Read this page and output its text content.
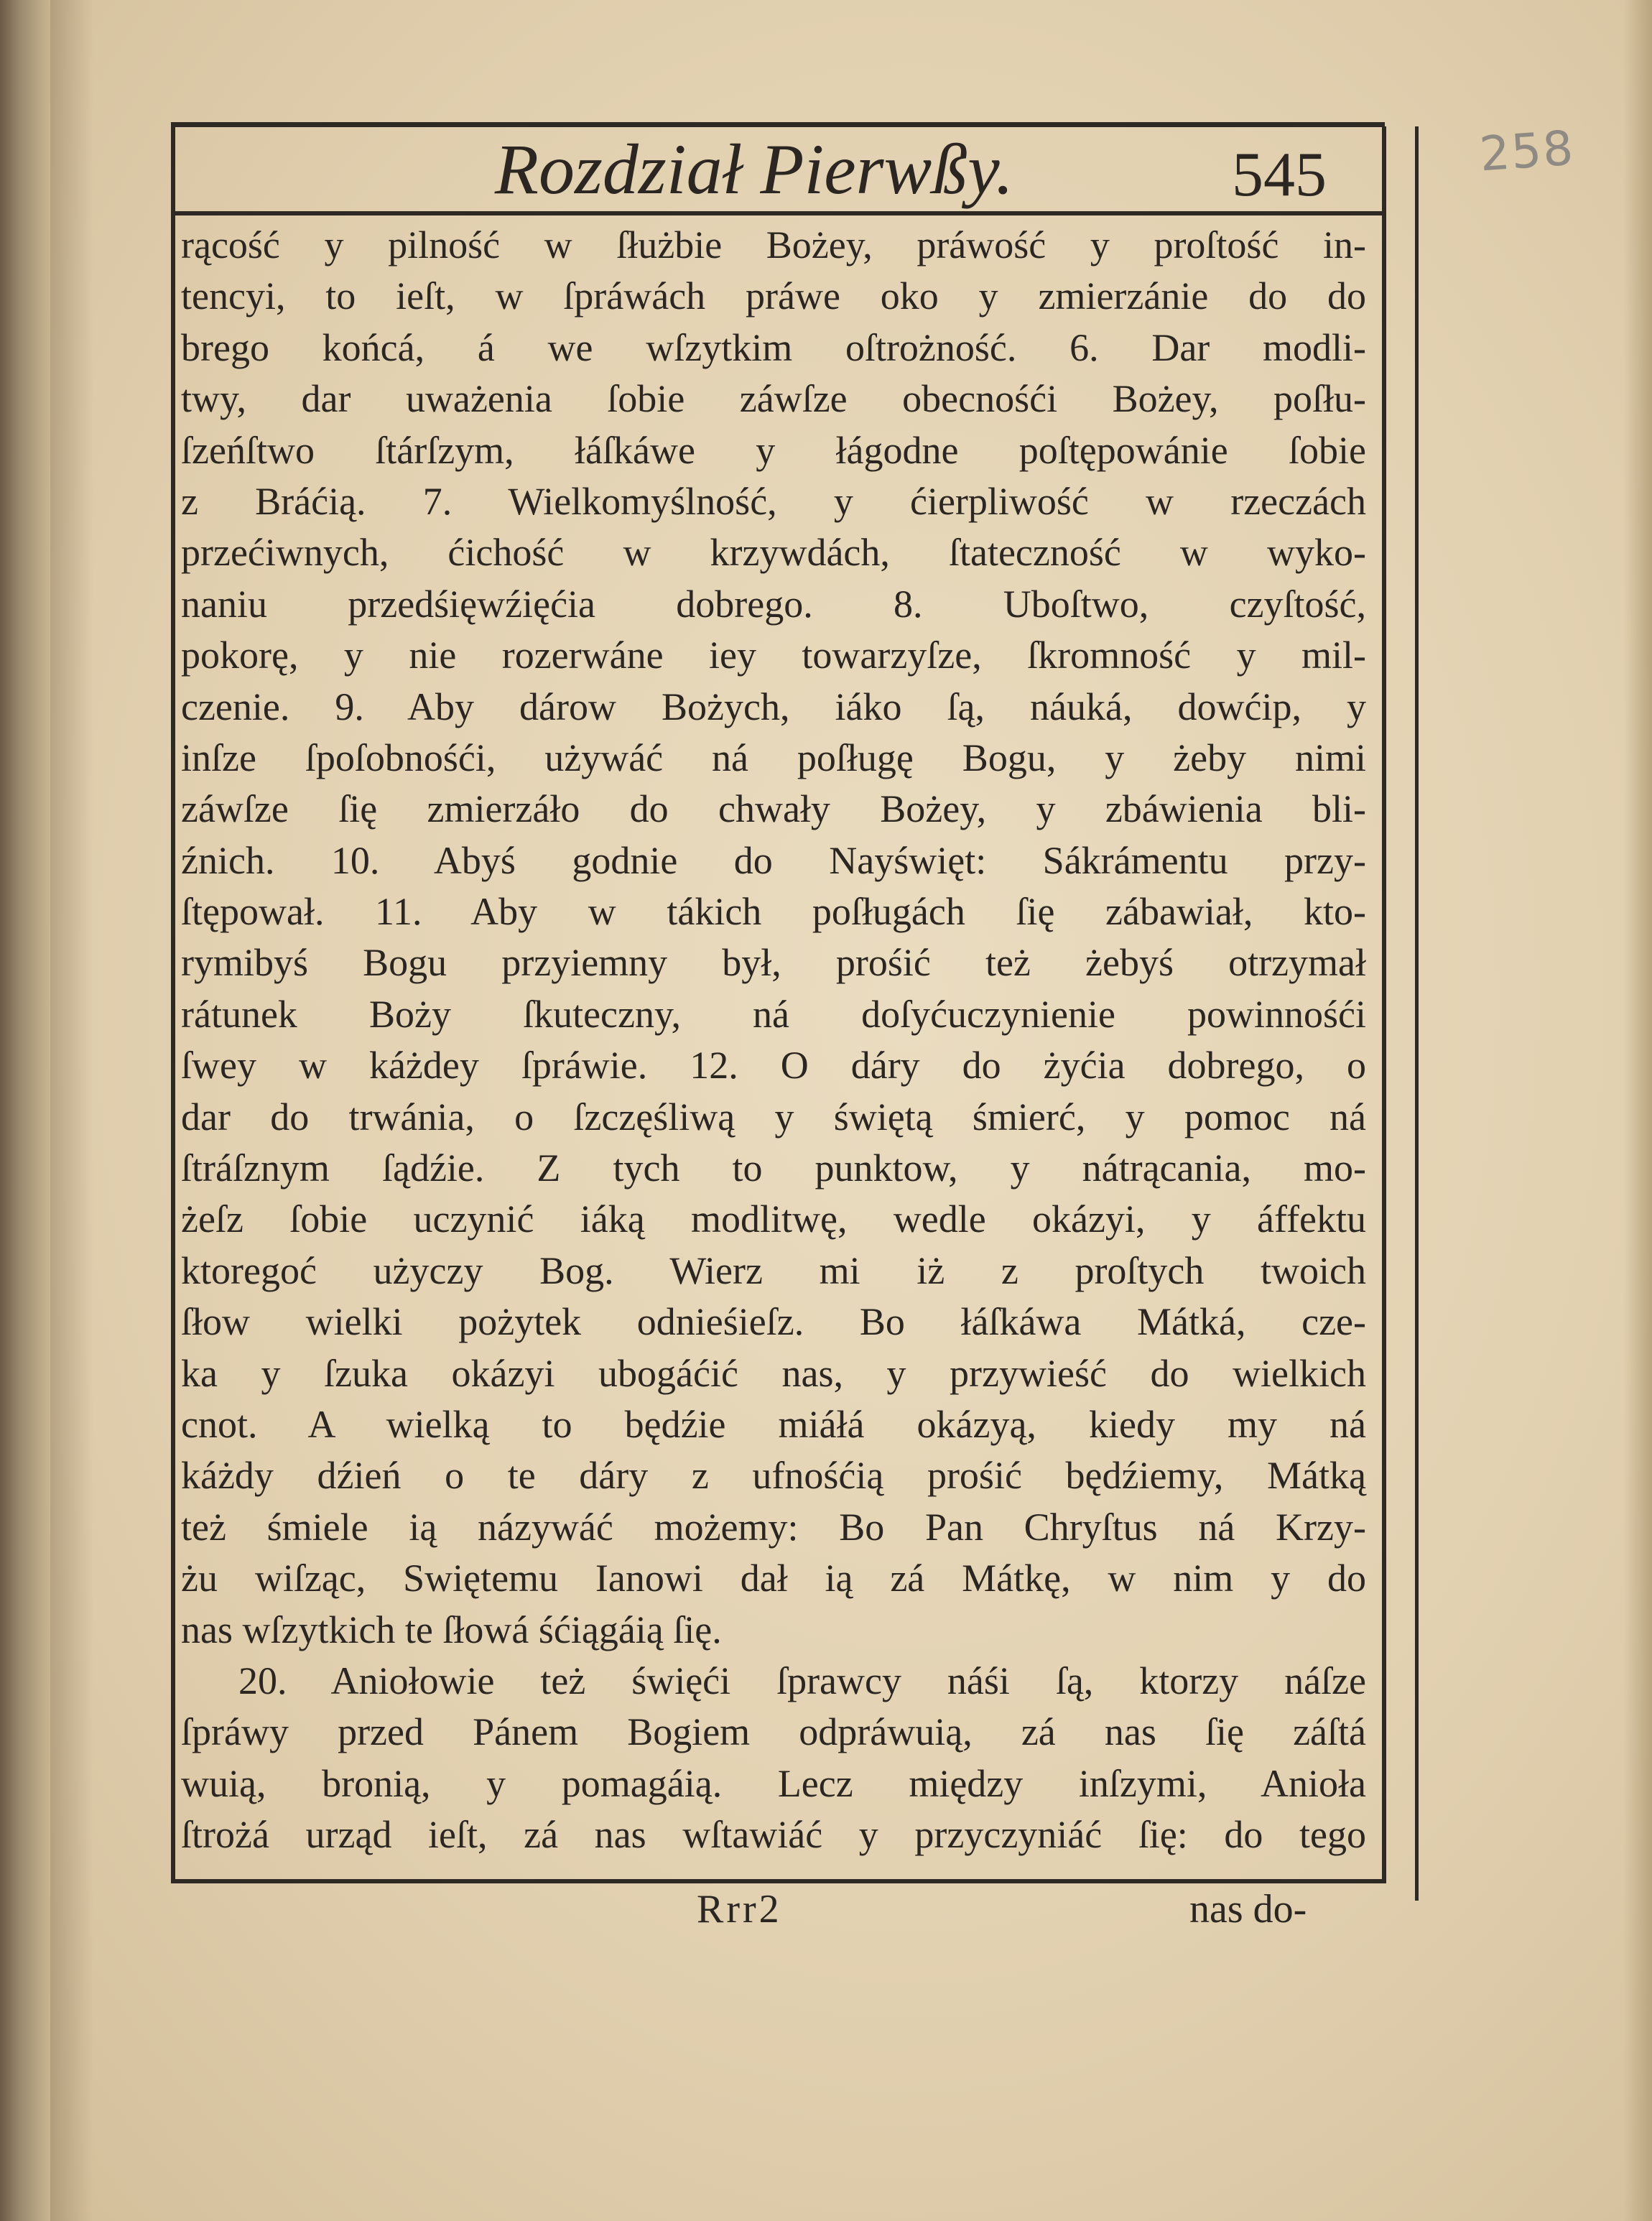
Rozdział Pierwßy.	545	258
rącość y pilność w ſłużbie Bożey, práwość y proſtość in-
tencyi, to ieſt, w ſpráwách práwe oko y zmierzánie do do
brego końcá, á we wſzytkim oſtrożność. 6. Dar modli-
twy, dar uważenia ſobie záwſze obecnośći Bożey, poſłu-
ſzeńſtwo ſtárſzym, łáſkáwe y łágodne poſtępowánie ſobie
z Bráćią. 7. Wielkomyślność, y ćierpliwość w rzeczách
przećiwnych, ćichość w krzywdách, ſtateczność w wyko-
naniu przedśięwźięćia dobrego. 8. Uboſtwo, czyſtość,
pokorę, y nie rozerwáne iey towarzyſze, ſkromność y mil-
czenie. 9. Aby dárow Bożych, iáko ſą, náuká, dowćip, y
inſze ſpoſobnośći, używáć ná poſługę Bogu, y żeby nimi
záwſze ſię zmierzáło do chwały Bożey, y zbáwienia bli-
źnich. 10. Abyś godnie do Nayświęt: Sákrámentu przy-
ſtępował. 11. Aby w tákich poſługách ſię zábawiał, kto-
rymibyś Bogu przyiemny był, prośić też żebyś otrzymał
rátunek Boży ſkuteczny, ná doſyćuczynienie powinnośći
ſwey w káżdey ſpráwie. 12. O dáry do żyćia dobrego, o
dar do trwánia, o ſzczęśliwą y świętą śmierć, y pomoc ná
ſtráſznym ſądźie. Z tych to punktow, y nátrącania, mo-
żeſz ſobie uczynić iáką modlitwę, wedle okázyi, y áffektu
ktoregoć użyczy Bog. Wierz mi iż z proſtych twoich
ſłow wielki pożytek odnieśieſz. Bo łáſkáwa Mátká, cze-
ka y ſzuka okázyi ubogáćić nas, y przywieść do wielkich
cnot. A wielką to będźie miáłá okázyą, kiedy my ná
káżdy dźień o te dáry z ufnośćią prośić będźiemy, Mátką
też śmiele ią názywáć możemy: Bo Pan Chryſtus ná Krzy-
żu wiſząc, Swiętemu Ianowi dał ią zá Mátkę, w nim y do
nas wſzytkich te ſłowá śćiągáią ſię.
20. Aniołowie też święći ſprawcy náśi ſą, ktorzy náſze
ſpráwy przed Pánem Bogiem odpráwuią, zá nas ſię záſtá
wuią, bronią, y pomagáią. Lecz między inſzymi, Anioła
ſtrożá urząd ieſt, zá nas wſtawiáć y przyczyniáć ſię: do tego
Rrr2	nas do-
